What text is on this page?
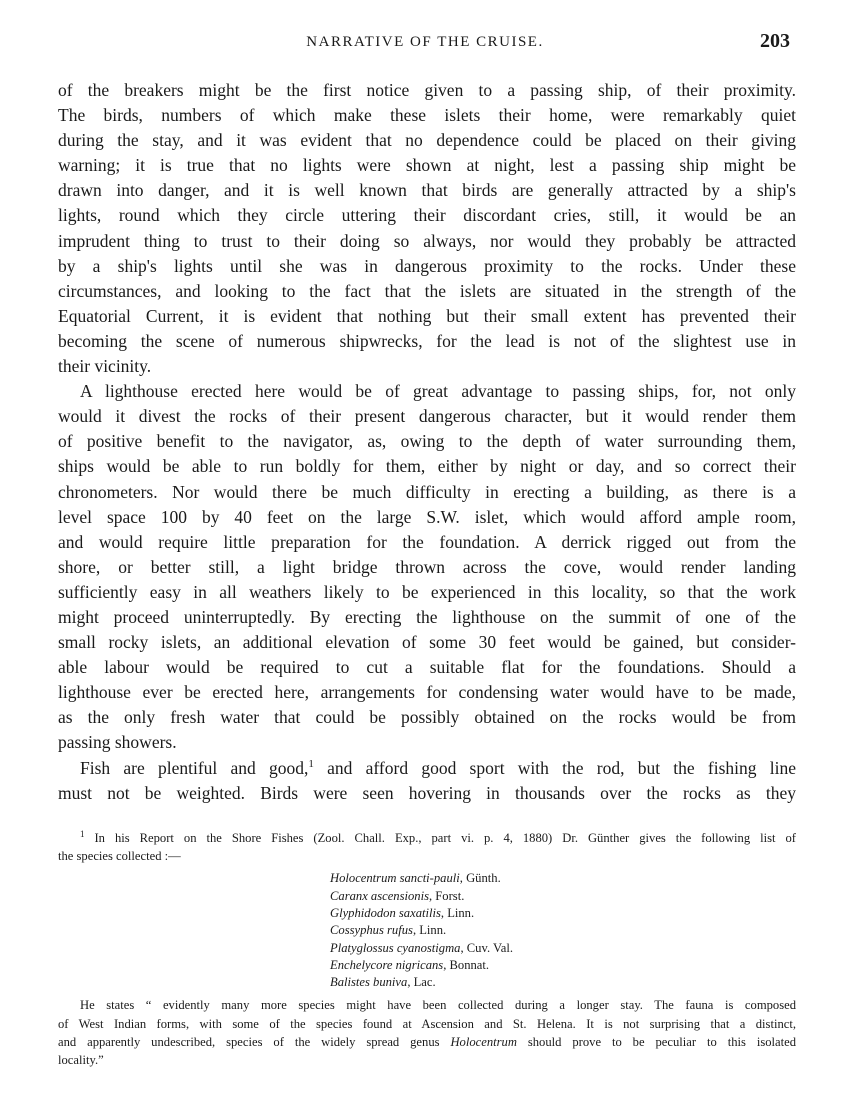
NARRATIVE OF THE CRUISE.	203
of the breakers might be the first notice given to a passing ship, of their proximity.
The birds, numbers of which make these islets their home, were remarkably quiet
during the stay, and it was evident that no dependence could be placed on their giving
warning; it is true that no lights were shown at night, lest a passing ship might be
drawn into danger, and it is well known that birds are generally attracted by a ship's
lights, round which they circle uttering their discordant cries, still, it would be an
imprudent thing to trust to their doing so always, nor would they probably be attracted
by a ship's lights until she was in dangerous proximity to the rocks. Under these
circumstances, and looking to the fact that the islets are situated in the strength of the
Equatorial Current, it is evident that nothing but their small extent has prevented their
becoming the scene of numerous shipwrecks, for the lead is not of the slightest use in
their vicinity.
A lighthouse erected here would be of great advantage to passing ships, for, not only
would it divest the rocks of their present dangerous character, but it would render them
of positive benefit to the navigator, as, owing to the depth of water surrounding them,
ships would be able to run boldly for them, either by night or day, and so correct their
chronometers. Nor would there be much difficulty in erecting a building, as there is a
level space 100 by 40 feet on the large S.W. islet, which would afford ample room,
and would require little preparation for the foundation. A derrick rigged out from the
shore, or better still, a light bridge thrown across the cove, would render landing
sufficiently easy in all weathers likely to be experienced in this locality, so that the work
might proceed uninterruptedly. By erecting the lighthouse on the summit of one of the
small rocky islets, an additional elevation of some 30 feet would be gained, but consider-
able labour would be required to cut a suitable flat for the foundations. Should a
lighthouse ever be erected here, arrangements for condensing water would have to be made,
as the only fresh water that could be possibly obtained on the rocks would be from
passing showers.
Fish are plentiful and good,$^1$ and afford good sport with the rod, but the fishing line
must not be weighted. Birds were seen hovering in thousands over the rocks as they
$^1$ In his Report on the Shore Fishes (Zool. Chall. Exp., part vi. p. 4, 1880) Dr. Günther gives the following list of
the species collected :—
Holocentrum sancti-pauli, Günth.
Caranx ascensionis, Forst.
Glyphidodon saxatilis, Linn.
Cossyphus rufus, Linn.
Platyglossus cyanostigma, Cuv. Val.
Enchelycore nigricans, Bonnat.
Balistes buniva, Lac.
He states “ evidently many more species might have been collected during a longer stay. The fauna is composed
of West Indian forms, with some of the species found at Ascension and St. Helena. It is not surprising that a distinct,
and apparently undescribed, species of the widely spread genus Holocentrum should prove to be peculiar to this isolated
locality.”
